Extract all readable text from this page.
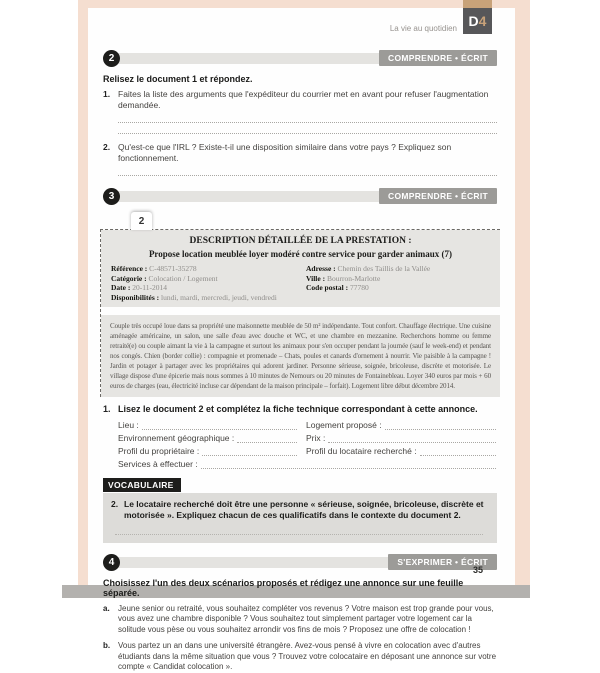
La vie au quotidien D4
2	COMPRENDRE • ÉCRIT
Relisez le document 1 et répondez.
1. Faites la liste des arguments que l'expéditeur du courrier met en avant pour refuser l'augmentation demandée.
2. Qu'est-ce que l'IRL ? Existe-t-il une disposition similaire dans votre pays ? Expliquez son fonctionnement.
3	COMPRENDRE • ÉCRIT
2
DESCRIPTION DÉTAILLÉE DE LA PRESTATION :
Propose location meublée loyer modéré contre service pour garder animaux (7)
Référence : C-48571-35278	Adresse : Chemin des Taillis de la Vallée
Catégorie : Colocation / Logement	Ville : Bourron-Marlotte
Date : 20-11-2014	Code postal : 77780
Disponibilités : lundi, mardi, mercredi, jeudi, vendredi
Couple très occupé loue dans sa propriété une maisonnette meublée de 50 m² indépendante. Tout confort. Chauffage électrique. Une cuisine aménagée américaine, un salon, une salle d'eau avec douche et WC, et une chambre en mezzanine. Recherchons homme ou femme retraité(e) ou couple aimant la vie à la campagne et surtout les animaux pour s'en occuper pendant la journée (sauf le week-end) et pendant nos congés. Chien (border collie) : compagnie et promenade – Chats, poules et canards d'ornement à nourrir. Vie paisible à la campagne ! Jardin et potager à partager avec les propriétaires qui adorent jardiner. Personne sérieuse, soignée, bricoleuse, discrète et motorisée. Le village dispose d'une épicerie mais nous sommes à 10 minutes de Nemours ou 20 minutes de Fontainebleau. Loyer 340 euros par mois + 60 euros de charges (eau, électricité incluse car dépendant de la maison principale – forfait). Logement libre début décembre 2014.
1. Lisez le document 2 et complétez la fiche technique correspondant à cette annonce.
Lieu :	Logement proposé :
Environnement géographique :	Prix :
Profil du propriétaire :	Profil du locataire recherché :
Services à effectuer :
VOCABULAIRE
2. Le locataire recherché doit être une personne « sérieuse, soignée, bricoleuse, discrète et motorisée ». Expliquez chacun de ces qualificatifs dans le contexte du document 2.
4	S'EXPRIMER • ÉCRIT
Choisissez l'un des deux scénarios proposés et rédigez une annonce sur une feuille séparée.
a.	Jeune senior ou retraité, vous souhaitez compléter vos revenus ? Votre maison est trop grande pour vous, vous avez une chambre disponible ? Vous souhaitez tout simplement partager votre logement car la solitude vous pèse ou vous souhaitez arrondir vos fins de mois ? Proposez une offre de colocation !
b. Vous partez un an dans une université étrangère. Avez-vous pensé à vivre en colocation avec d'autres étudiants dans la même situation que vous ? Trouvez votre colocataire en déposant une annonce sur votre compte « Candidat colocation ».
35
